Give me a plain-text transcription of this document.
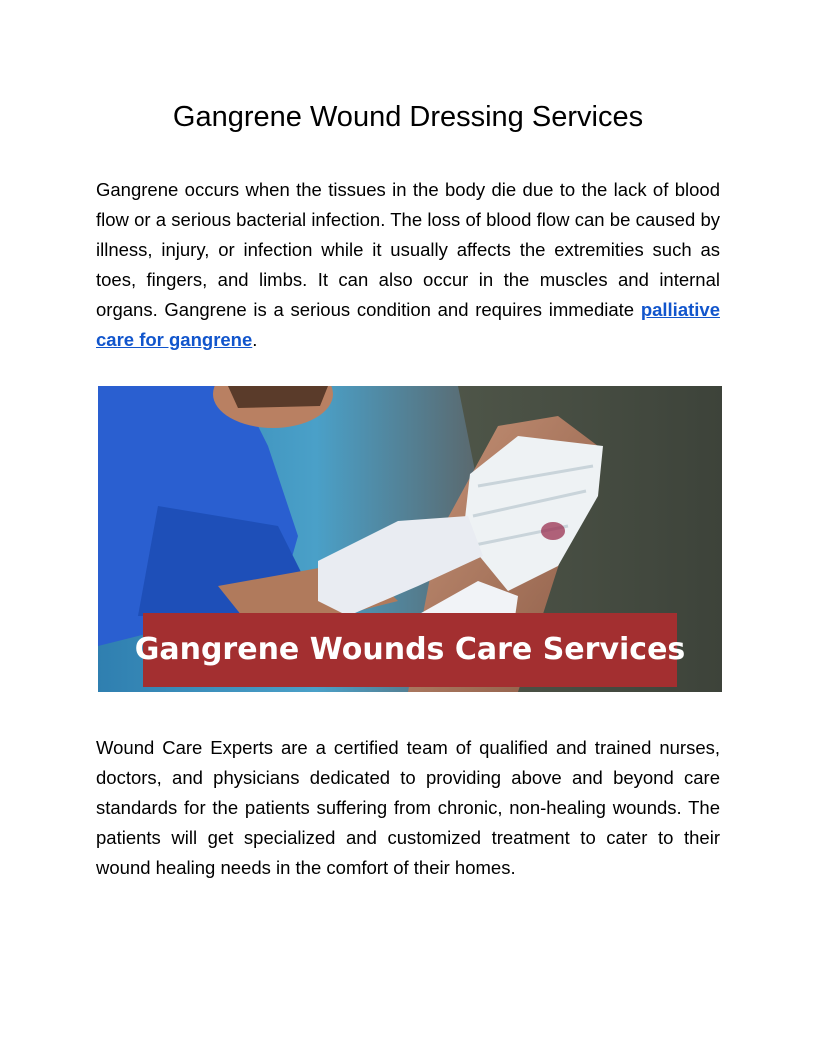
Gangrene Wound Dressing Services

Gangrene occurs when the tissues in the body die due to the lack of blood flow or a serious bacterial infection. The loss of blood flow can be caused by illness, injury, or infection while it usually affects the extremities such as toes, fingers, and limbs. It can also occur in the muscles and internal organs. Gangrene is a serious condition and requires immediate palliative care for gangrene.

Gangrene Wounds Care Services

Wound Care Experts are a certified team of qualified and trained nurses, doctors, and physicians dedicated to providing above and beyond care standards for the patients suffering from chronic, non-healing wounds. The patients will get specialized and customized treatment to cater to their wound healing needs in the comfort of their homes.
